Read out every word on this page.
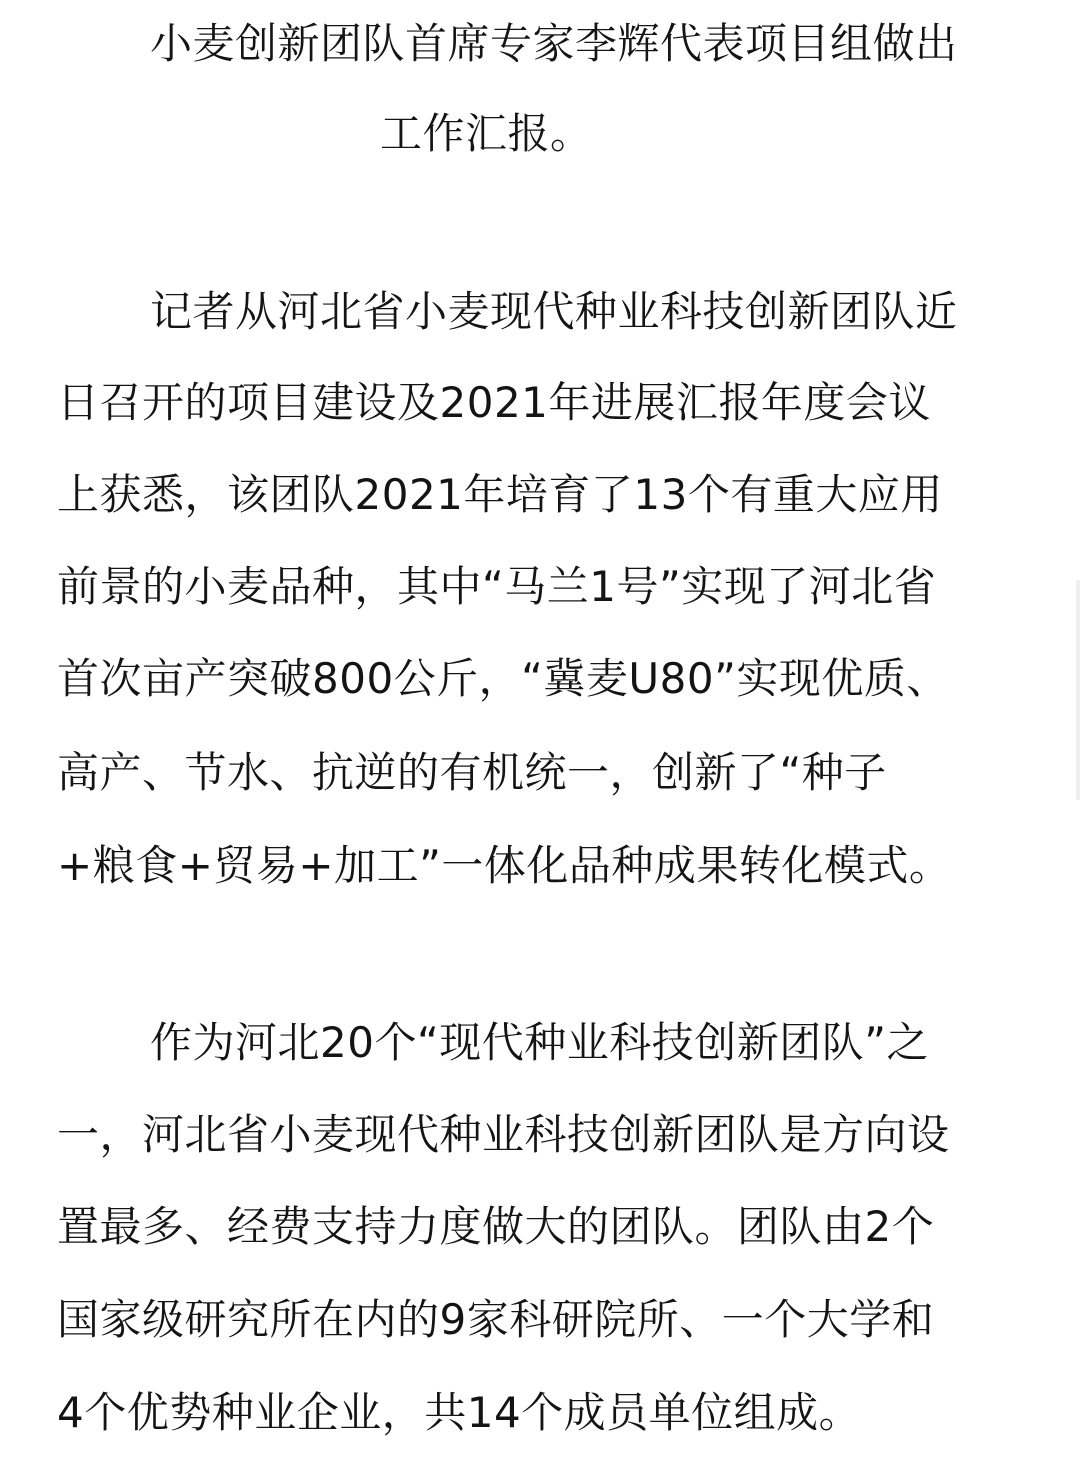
小麦创新团队首席专家李辉代表项目组做出
工作汇报。
记者从河北省小麦现代种业科技创新团队近
日召开的项目建设及2021年进展汇报年度会议
上获悉，该团队2021年培育了13个有重大应用
前景的小麦品种，其中“马兰1号”实现了河北省
首次亩产突破800公斤，“冀麦U80”实现优质、
高产、节水、抗逆的有机统一，创新了“种子
+粮食+贸易+加工”一体化品种成果转化模式。
作为河北20个“现代种业科技创新团队”之
一，河北省小麦现代种业科技创新团队是方向设
置最多、经费支持力度做大的团队。团队由2个
国家级研究所在内的9家科研院所、一个大学和
4个优势种业企业，共14个成员单位组成。
